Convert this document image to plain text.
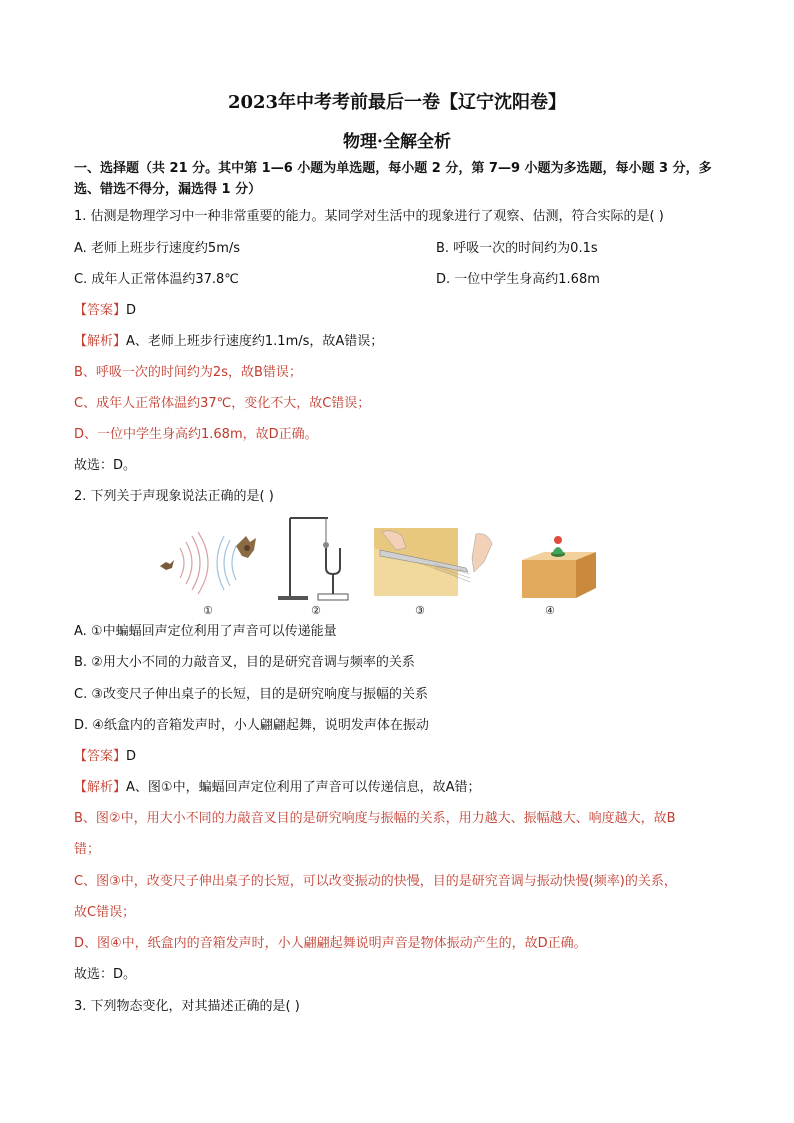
2023年中考考前最后一卷【辽宁沈阳卷】
物理·全解全析
一、选择题（共 21 分。其中第 1—6 小题为单选题，每小题 2 分，第 7—9 小题为多选题，每小题 3 分，多
选、错选不得分，漏选得 1 分）
1. 估测是物理学习中一种非常重要的能力。某同学对生活中的现象进行了观察、估测，符合实际的是( )
A. 老师上班步行速度约5m/s	B. 呼吸一次的时间约为0.1s
C. 成年人正常体温约37.8℃	D. 一位中学生身高约1.68m
【答案】D
【解析】A、老师上班步行速度约1.1m/s，故A错误；
B、呼吸一次的时间约为2s，故B错误；
C、成年人正常体温约37℃，变化不大，故C错误；
D、一位中学生身高约1.68m，故D正确。
故选：D。
2. 下列关于声现象说法正确的是( )
①	②	③	④
A. ①中蝙蝠回声定位利用了声音可以传递能量
B. ②用大小不同的力敲音叉，目的是研究音调与频率的关系
C. ③改变尺子伸出桌子的长短，目的是研究响度与振幅的关系
D. ④纸盒内的音箱发声时，小人翩翩起舞，说明发声体在振动
【答案】D
【解析】A、图①中，蝙蝠回声定位利用了声音可以传递信息，故A错；
B、图②中，用大小不同的力敲音叉目的是研究响度与振幅的关系，用力越大、振幅越大、响度越大，故B
错；
C、图③中，改变尺子伸出桌子的长短，可以改变振动的快慢，目的是研究音调与振动快慢(频率)的关系，
故C错误；
D、图④中，纸盒内的音箱发声时，小人翩翩起舞说明声音是物体振动产生的，故D正确。
故选：D。
3. 下列物态变化，对其描述正确的是( )
